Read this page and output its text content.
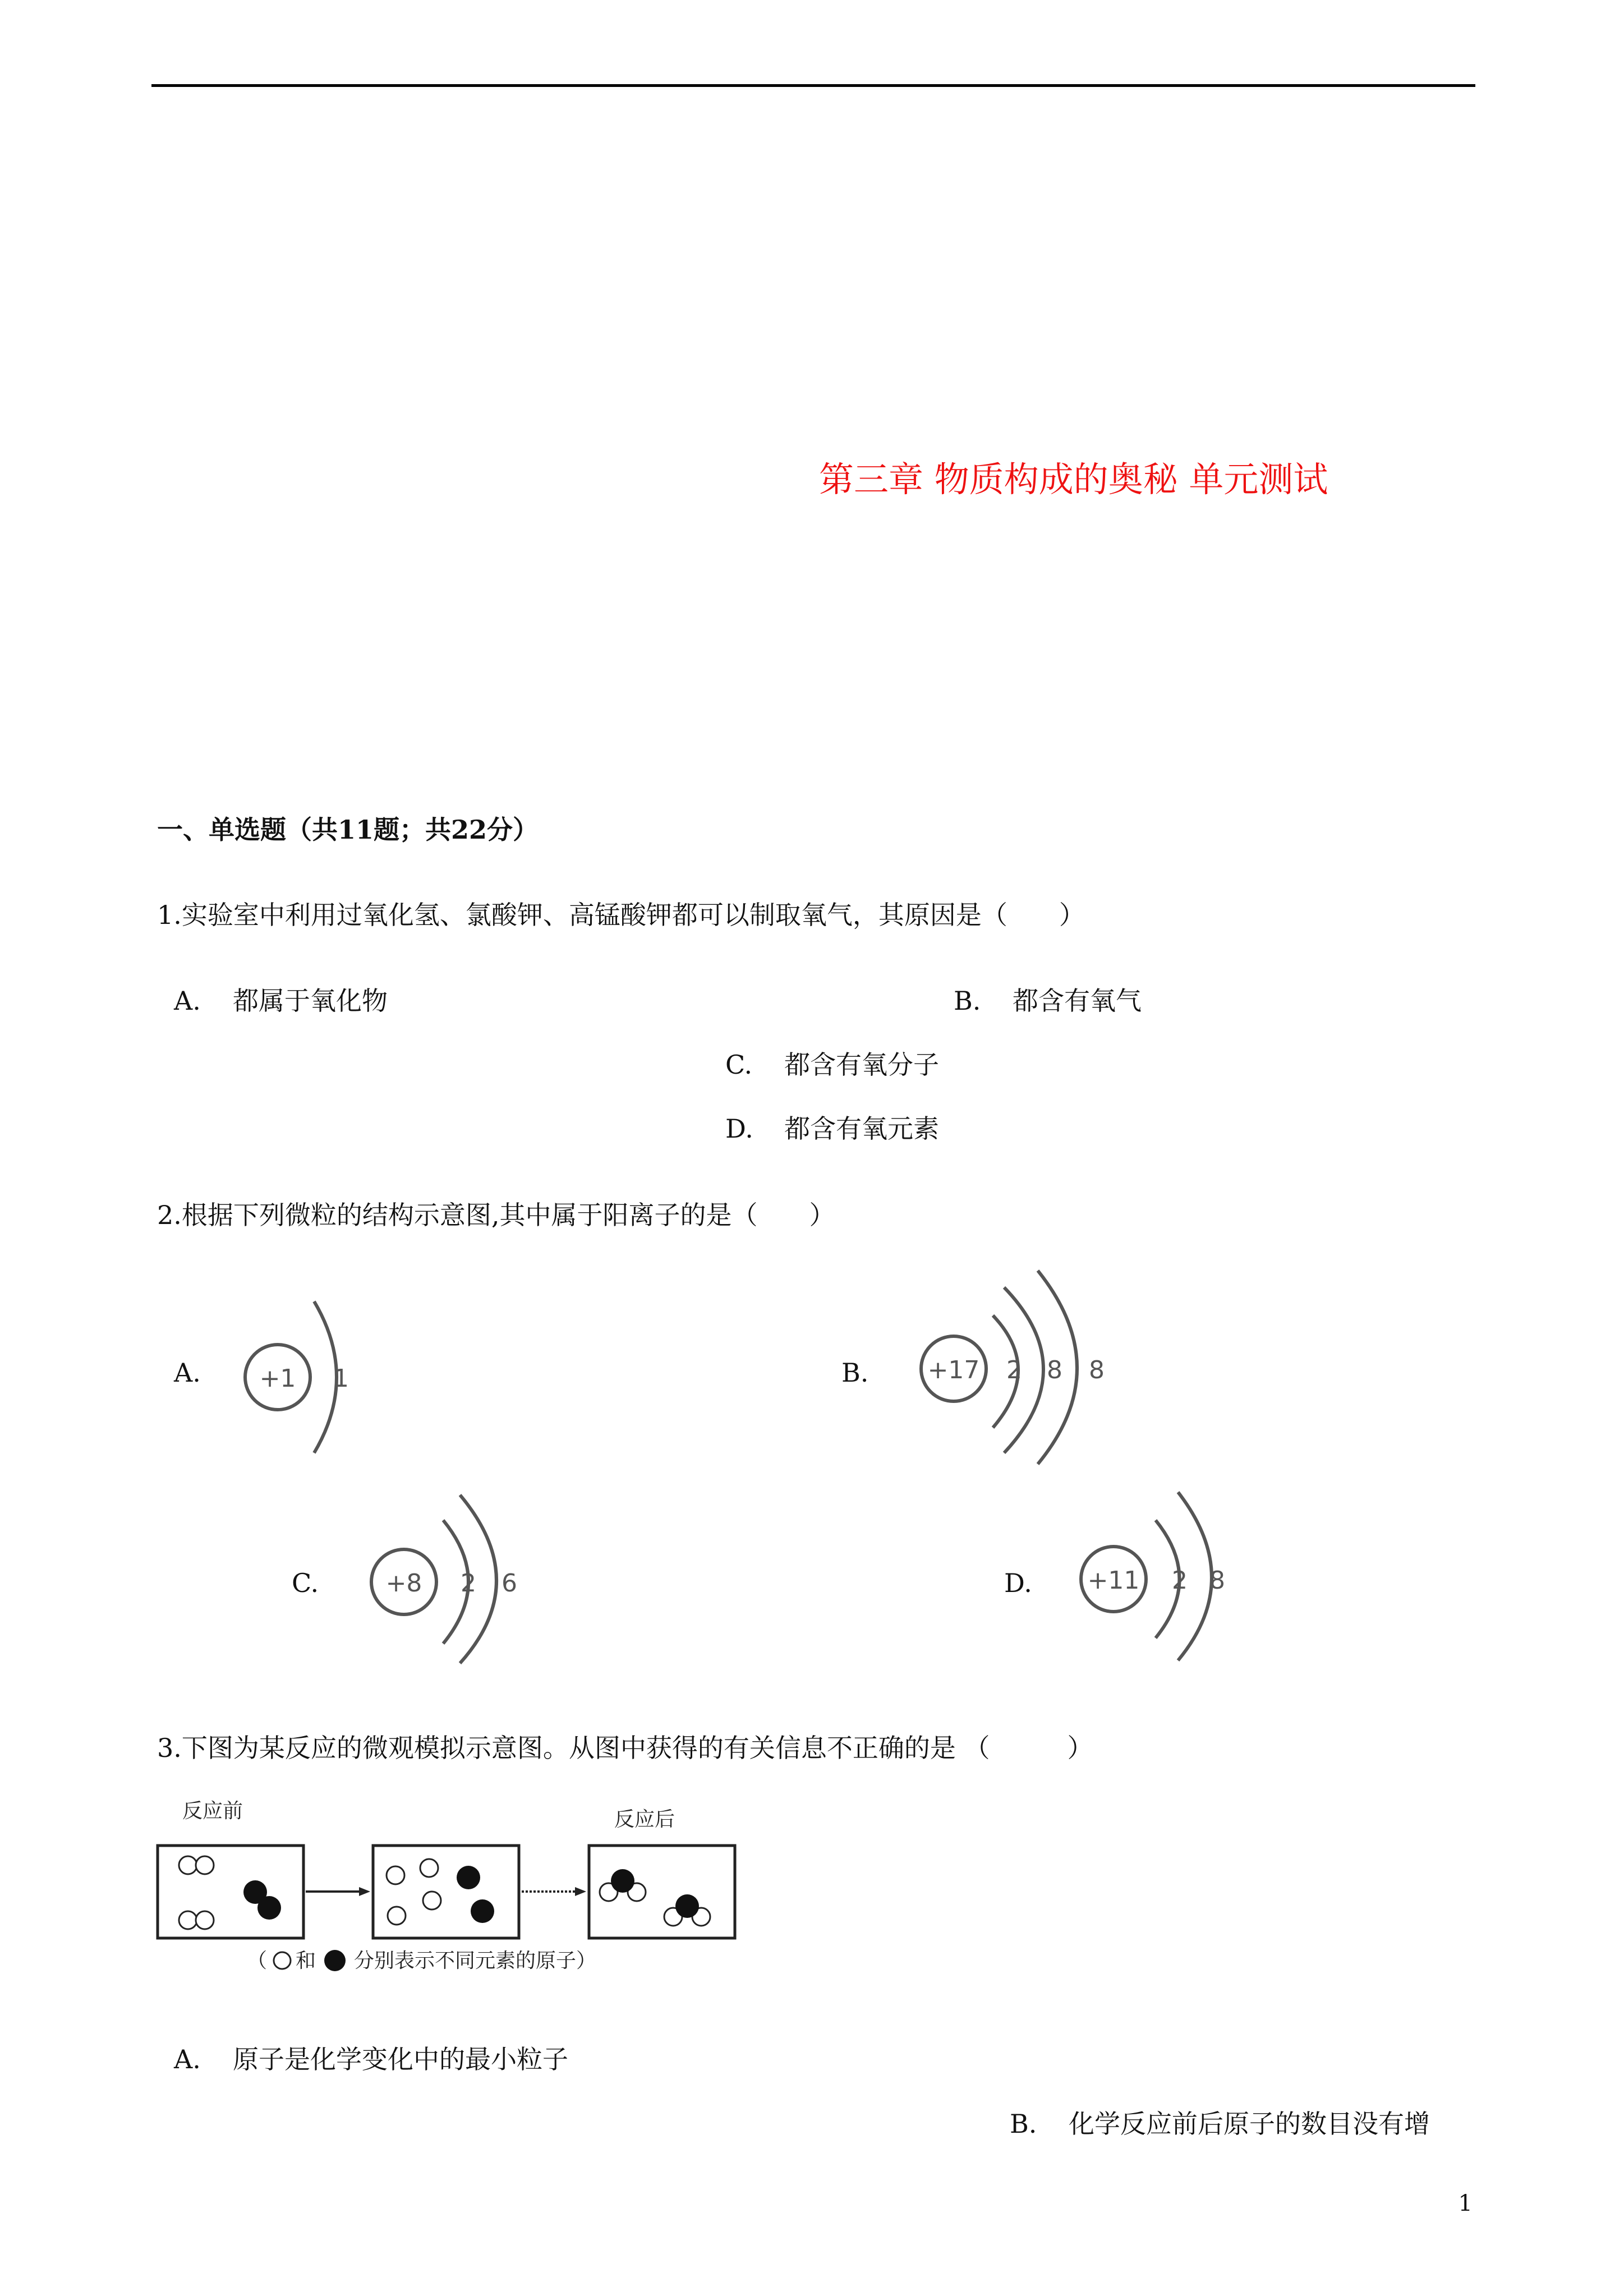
第三章 物质构成的奥秘 单元测试
一、单选题（共11题；共22分）
1.实验室中利用过氧化氢、氯酸钾、高锰酸钾都可以制取氧气，其原因是（　　）
A. 都属于氧化物	B. 都含有氧气
C. 都含有氧分子
D. 都含有氧元素
2.根据下列微粒的结构示意图,其中属于阳离子的是（　　）
A. +1 1	B. +17 2 8 8
C.	+8 2 6	D. +11 2 8
3.下图为某反应的微观模拟示意图。从图中获得的有关信息不正确的是 （　　　）
反应前	反应后
（ 和 分别表示不同元素的原子）
A. 原子是化学变化中的最小粒子
B. 化学反应前后原子的数目没有增
1
